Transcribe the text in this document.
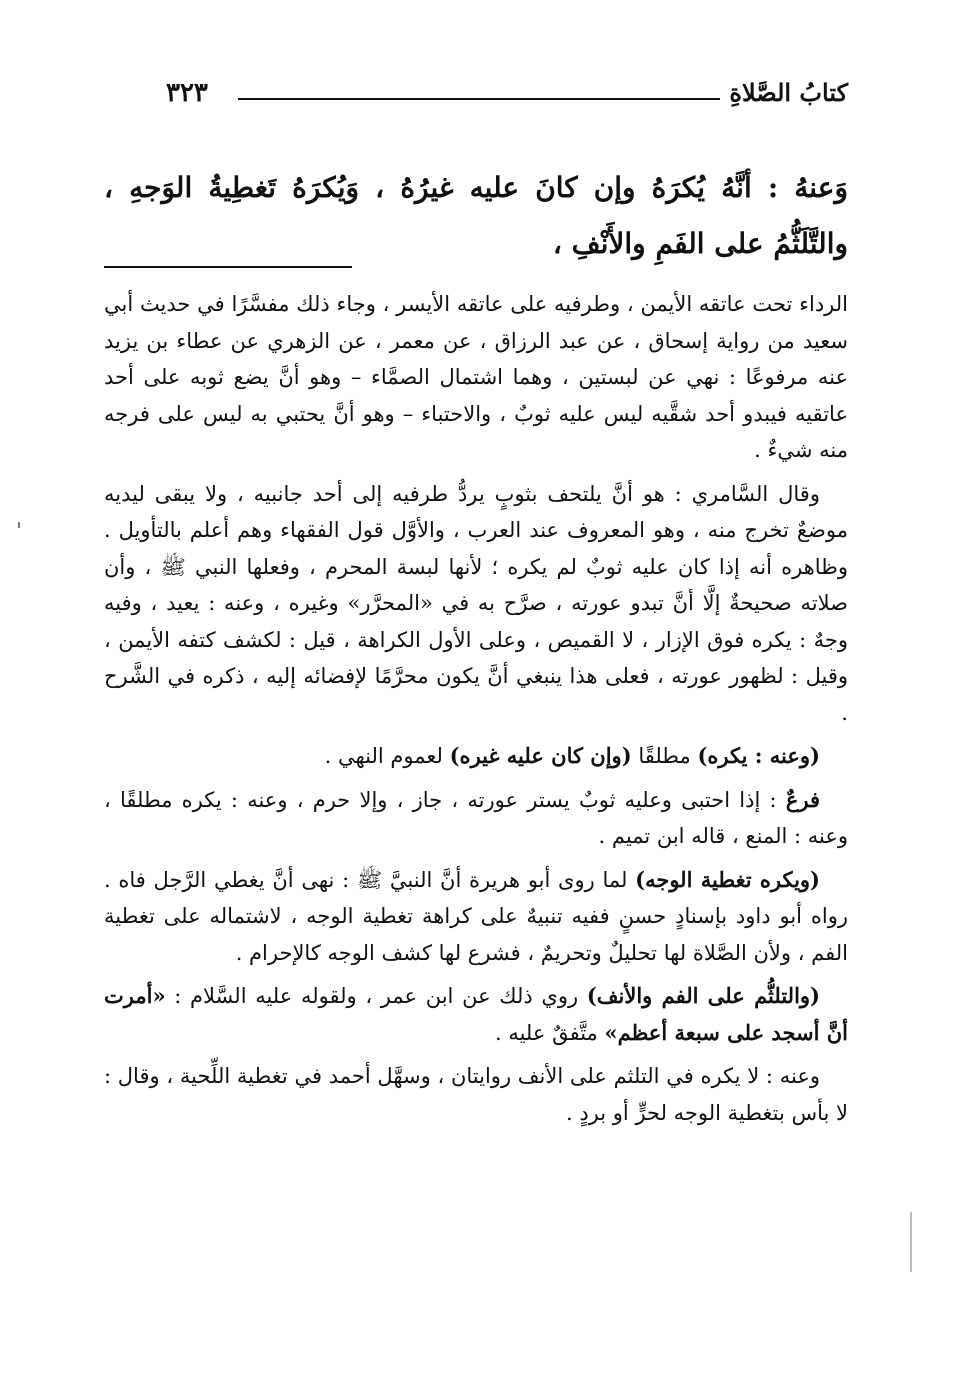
كتابُ الصَّلاةِ
٣٢٣
وَعنهُ : أنَّهُ يُكرَهُ وإن كانَ عليه غيرُهُ ، وَيُكرَهُ تَغطِيةُ الوَجهِ ، والتَّلَثُّمُ على الفَمِ والأَنْفِ ،

الرداء تحت عاتقه الأيمن ، وطرفيه على عاتقه الأيسر ، وجاء ذلك مفسَّرًا في حديث أبي سعيد من رواية إسحاق ، عن عبد الرزاق ، عن معمر ، عن الزهري عن عطاء بن يزيد عنه مرفوعًا : نهي عن لبستين ، وهما اشتمال الصمَّاء – وهو أنَّ يضع ثوبه على أحد عاتقيه فيبدو أحد شقَّيه ليس عليه ثوبٌ ، والاحتباء – وهو أنَّ يحتبي به ليس على فرجه منه شيءٌ .

وقال السَّامري : هو أنَّ يلتحف بثوبٍ يردُّ طرفيه إلى أحد جانبيه ، ولا يبقى ليديه موضعٌ تخرج منه ، وهو المعروف عند العرب ، والأوَّل قول الفقهاء وهم أعلم بالتأويل . وظاهره أنه إذا كان عليه ثوبٌ لم يكره ؛ لأنها لبسة المحرم ، وفعلها النبي ﷺ ، وأن صلاته صحيحةٌ إلَّا أنَّ تبدو عورته ، صرَّح به في «المحرَّر» وغيره ، وعنه : يعيد ، وفيه وجهٌ : يكره فوق الإزار ، لا القميص ، وعلى الأول الكراهة ، قيل : لكشف كتفه الأيمن ، وقيل : لظهور عورته ، فعلى هذا ينبغي أنَّ يكون محرَّمًا لإفضائه إليه ، ذكره في الشَّرح .

(وعنه : يكره) مطلقًا (وإن كان عليه غيره) لعموم النهي .

فرعٌ : إذا احتبى وعليه ثوبٌ يستر عورته ، جاز ، وإلا حرم ، وعنه : يكره مطلقًا ، وعنه : المنع ، قاله ابن تميم .

(ويكره تغطية الوجه) لما روى أبو هريرة أنَّ النبيَّ ﷺ : نهى أنَّ يغطي الرَّجل فاه . رواه أبو داود بإسنادٍ حسنٍ ففيه تنبيهٌ على كراهة تغطية الوجه ، لاشتماله على تغطية الفم ، ولأن الصَّلاة لها تحليلٌ وتحريمٌ ، فشرع لها كشف الوجه كالإحرام .

(والتلثُّم على الفم والأنف) روي ذلك عن ابن عمر ، ولقوله عليه السَّلام : «أمرت أنَّ أسجد على سبعة أعظم» متَّفقٌ عليه .

وعنه : لا يكره في التلثم على الأنف روايتان ، وسهَّل أحمد في تغطية اللِّحية ، وقال : لا بأس بتغطية الوجه لحرٍّ أو بردٍ .
